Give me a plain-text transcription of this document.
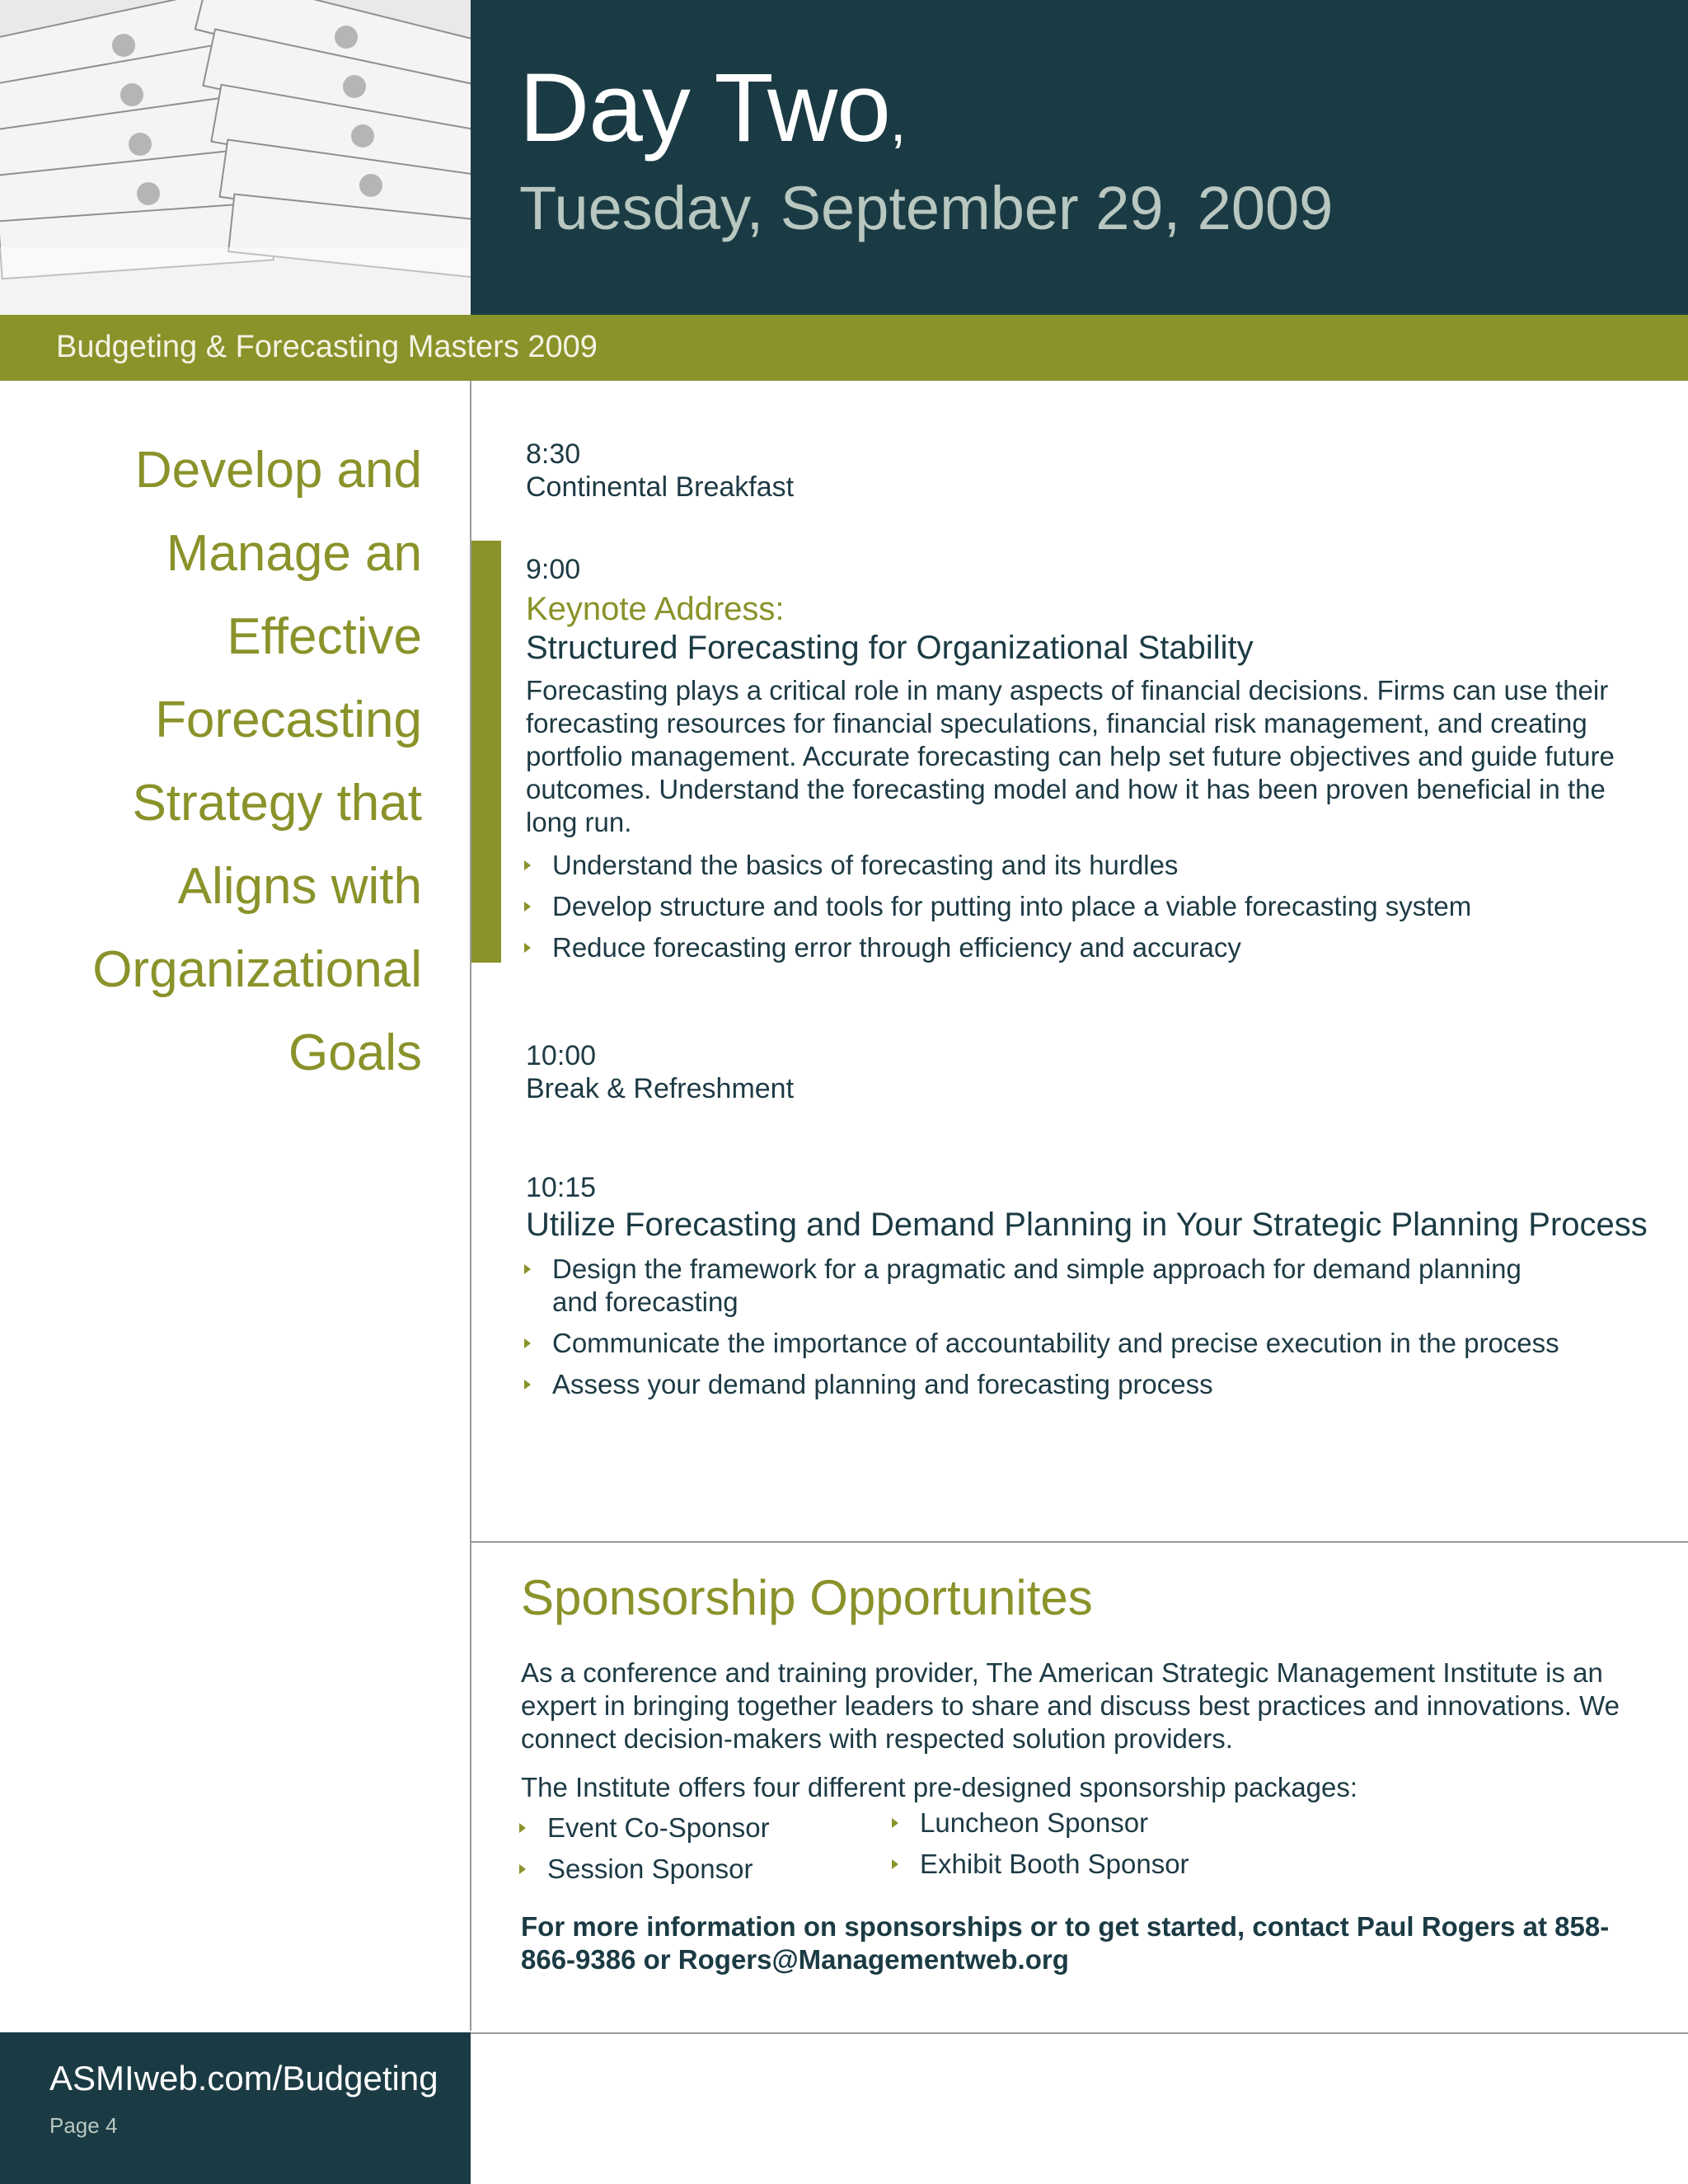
Day Two,
Tuesday, September 29, 2009
Budgeting & Forecasting Masters 2009
Develop and
Manage an
Effective
Forecasting
Strategy that
Aligns with
Organizational
Goals
8:30
Continental Breakfast
9:00
Keynote Address:
Structured Forecasting for Organizational Stability
Forecasting plays a critical role in many aspects of financial decisions. Firms can use their forecasting resources for financial speculations, financial risk management, and creating portfolio management. Accurate forecasting can help set future objectives and guide future outcomes. Understand the forecasting model and how it has been proven beneficial in the long run.
Understand the basics of forecasting and its hurdles
Develop structure and tools for putting into place a viable forecasting system
Reduce forecasting error through efficiency and accuracy
10:00
Break & Refreshment
10:15
Utilize Forecasting and Demand Planning in Your Strategic Planning Process
Design the framework for a pragmatic and simple approach for demand planning and forecasting
Communicate the importance of accountability and precise execution in the process
Assess your demand planning and forecasting process
Sponsorship Opportunites
As a conference and training provider, The American Strategic Management Institute is an expert in bringing together leaders to share and discuss best practices and innovations. We connect decision-makers with respected solution providers.
The Institute offers four different pre-designed sponsorship packages:
Event Co-Sponsor
Session Sponsor
Luncheon Sponsor
Exhibit Booth Sponsor
For more information on sponsorships or to get started, contact Paul Rogers at 858-866-9386 or Rogers@Managementweb.org
ASMIweb.com/Budgeting
Page 4
